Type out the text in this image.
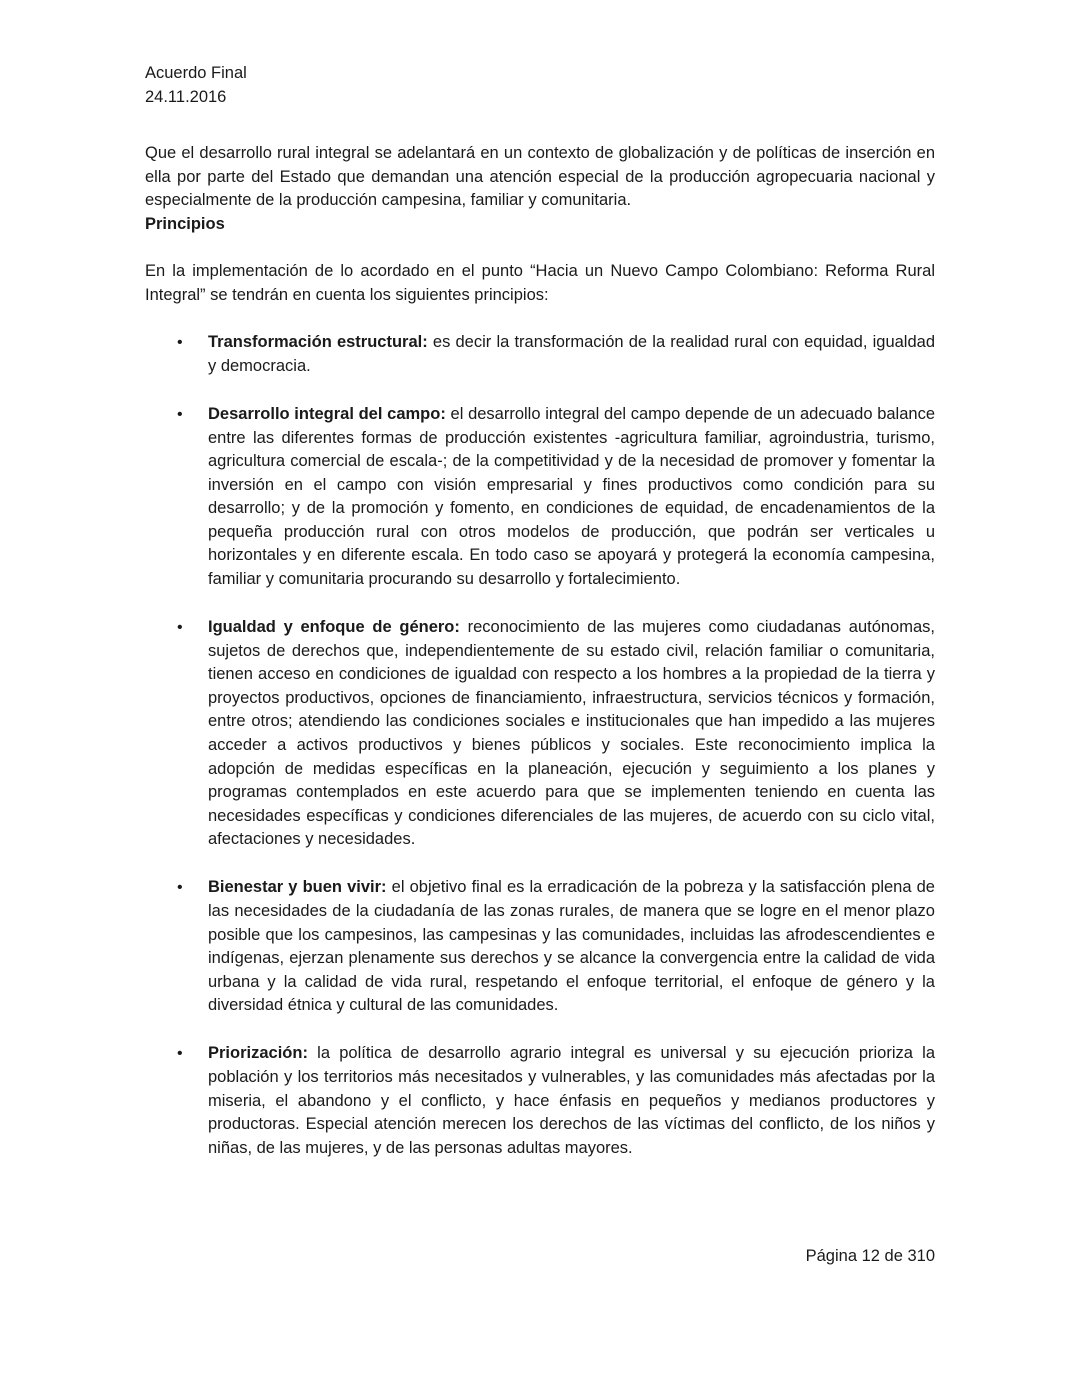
Acuerdo Final
24.11.2016

Que el desarrollo rural integral se adelantará en un contexto de globalización y de políticas de inserción en ella por parte del Estado que demandan una atención especial de la producción agropecuaria nacional y especialmente de la producción campesina, familiar y comunitaria.

Principios

En la implementación de lo acordado en el punto “Hacia un Nuevo Campo Colombiano: Reforma Rural Integral” se tendrán en cuenta los siguientes principios:

• Transformación estructural: es decir la transformación de la realidad rural con equidad, igualdad y democracia.
• Desarrollo integral del campo: el desarrollo integral del campo depende de un adecuado balance entre las diferentes formas de producción existentes -agricultura familiar, agroindustria, turismo, agricultura comercial de escala-; de la competitividad y de la necesidad de promover y fomentar la inversión en el campo con visión empresarial y fines productivos como condición para su desarrollo; y de la promoción y fomento, en condiciones de equidad, de encadenamientos de la pequeña producción rural con otros modelos de producción, que podrán ser verticales u horizontales y en diferente escala. En todo caso se apoyará y protegerá la economía campesina, familiar y comunitaria procurando su desarrollo y fortalecimiento.
• Igualdad y enfoque de género: reconocimiento de las mujeres como ciudadanas autónomas, sujetos de derechos que, independientemente de su estado civil, relación familiar o comunitaria, tienen acceso en condiciones de igualdad con respecto a los hombres a la propiedad de la tierra y proyectos productivos, opciones de financiamiento, infraestructura, servicios técnicos y formación, entre otros; atendiendo las condiciones sociales e institucionales que han impedido a las mujeres acceder a activos productivos y bienes públicos y sociales. Este reconocimiento implica la adopción de medidas específicas en la planeación, ejecución y seguimiento a los planes y programas contemplados en este acuerdo para que se implementen teniendo en cuenta las necesidades específicas y condiciones diferenciales de las mujeres, de acuerdo con su ciclo vital, afectaciones y necesidades.
• Bienestar y buen vivir: el objetivo final es la erradicación de la pobreza y la satisfacción plena de las necesidades de la ciudadanía de las zonas rurales, de manera que se logre en el menor plazo posible que los campesinos, las campesinas y las comunidades, incluidas las afrodescendientes e indígenas, ejerzan plenamente sus derechos y se alcance la convergencia entre la calidad de vida urbana y la calidad de vida rural, respetando el enfoque territorial, el enfoque de género y la diversidad étnica y cultural de las comunidades.
• Priorización: la política de desarrollo agrario integral es universal y su ejecución prioriza la población y los territorios más necesitados y vulnerables, y las comunidades más afectadas por la miseria, el abandono y el conflicto, y hace énfasis en pequeños y medianos productores y productoras. Especial atención merecen los derechos de las víctimas del conflicto, de los niños y niñas, de las mujeres, y de las personas adultas mayores.
Página 12 de 310
